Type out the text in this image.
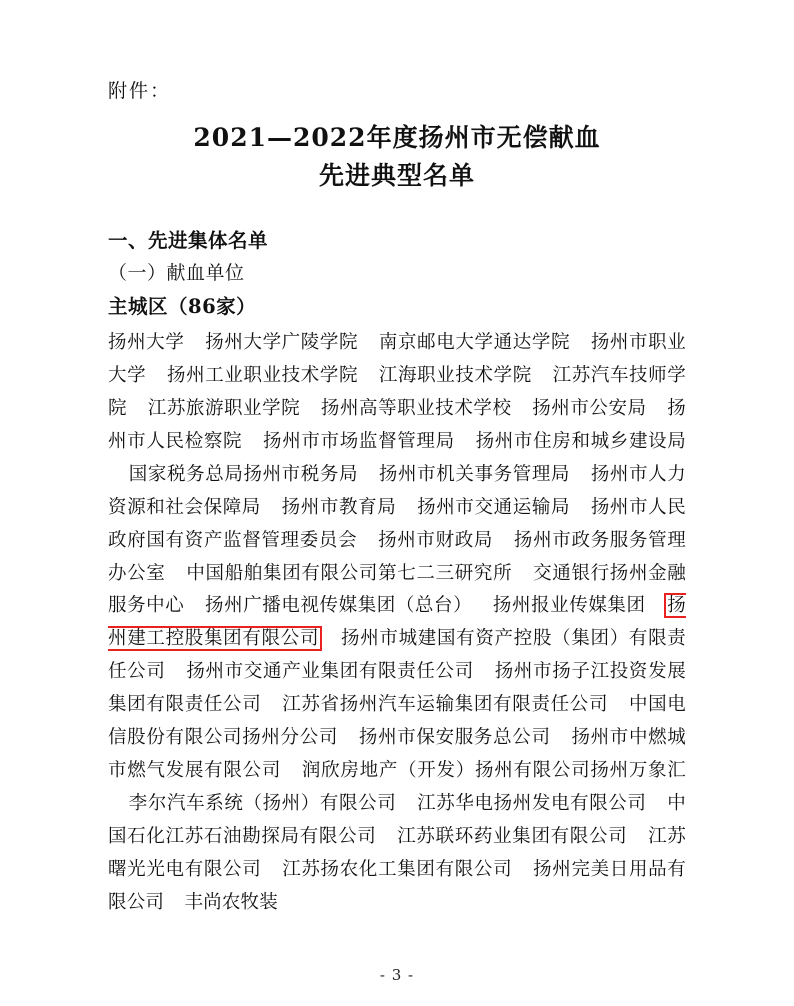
附件：
2021—2022年度扬州市无偿献血
先进典型名单
一、先进集体名单
（一）献血单位
主城区（86家）

扬州大学 扬州大学广陵学院 南京邮电大学通达学院 扬州市职业大学 扬州工业职业技术学院 江海职业技术学院 江苏汽车技师学院 江苏旅游职业学院 扬州高等职业技术学校 扬州市公安局 扬州市人民检察院 扬州市市场监督管理局 扬州市住房和城乡建设局国家税务总局扬州市税务局 扬州市机关事务管理局 扬州市人力资源和社会保障局 扬州市教育局 扬州市交通运输局 扬州市人民政府国有资产监督管理委员会 扬州市财政局 扬州市政务服务管理办公室 中国船舶集团有限公司第七二三研究所 交通银行扬州金融服务中心 扬州广播电视传媒集团（总台） 扬州报业传媒集团 扬州建工控股集团有限公司 扬州市城建国有资产控股（集团）有限责任公司 扬州市交通产业集团有限责任公司 扬州市扬子江投资发展集团有限责任公司 江苏省扬州汽车运输集团有限责任公司 中国电信股份有限公司扬州分公司 扬州市保安服务总公司 扬州市中燃城市燃气发展有限公司 润欣房地产（开发）扬州有限公司扬州万象汇李尔汽车系统（扬州）有限公司 江苏华电扬州发电有限公司 中国石化江苏石油勘探局有限公司 江苏联环药业集团有限公司 江苏曙光光电有限公司 江苏扬农化工集团有限公司 扬州完美日用品有限公司 丰尚农牧装

- 3 -
